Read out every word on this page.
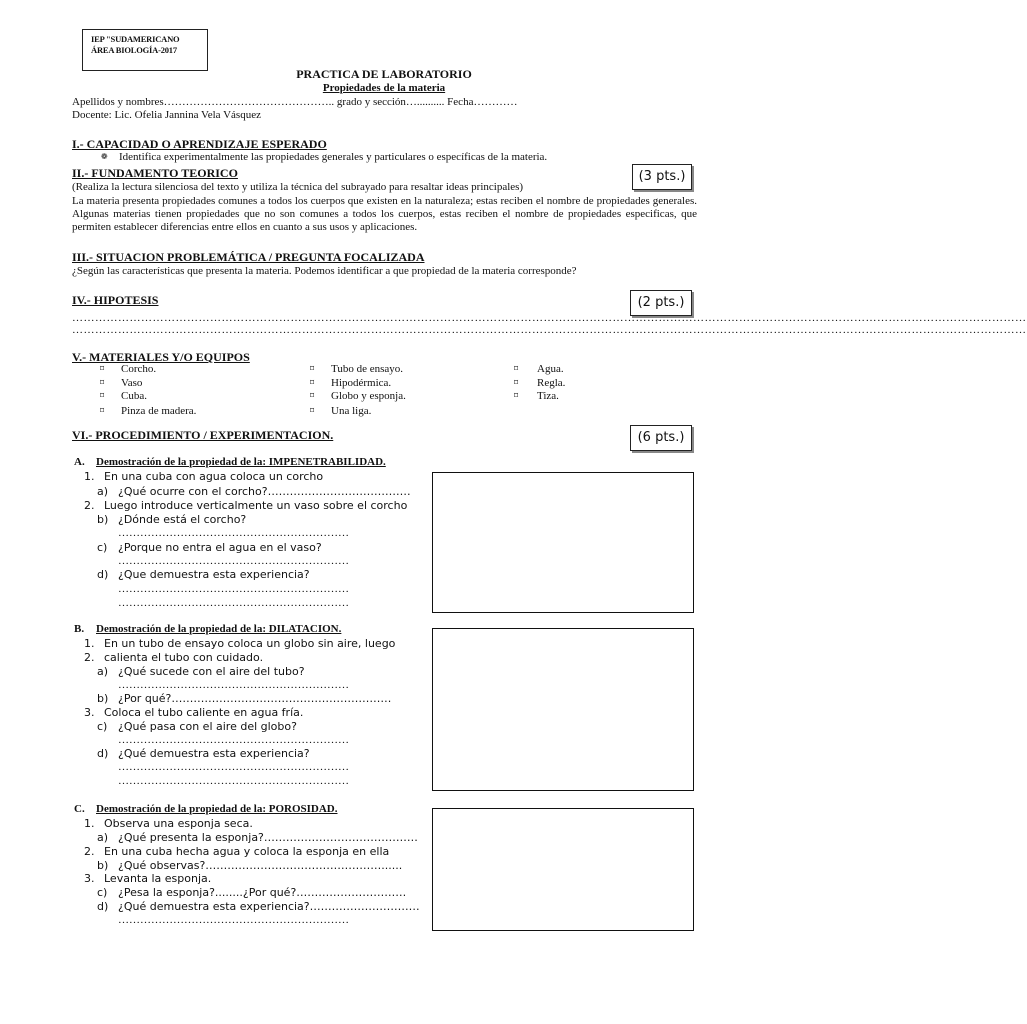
IEP "SUDAMERICANO
ÁREA BIOLOGÍA-2017
PRACTICA DE LABORATORIO
Propiedades de la materia
Apellidos y nombres……………………………………….. grado y sección….......... Fecha…………
Docente: Lic. Ofelia Jannina Vela Vásquez
I.- CAPACIDAD O APRENDIZAJE ESPERADO
❁ Identifica experimentalmente las propiedades generales y particulares o específicas de la materia.
II.- FUNDAMENTO TEORICO	(3 pts.)
(Realiza la lectura silenciosa del texto y utiliza la técnica del subrayado para resaltar ideas principales)
La materia presenta propiedades comunes a todos los cuerpos que existen en la naturaleza; estas reciben el nombre de propiedades generales. Algunas materias tienen propiedades que no son comunes a todos los cuerpos, estas reciben el nombre de propiedades especificas, que permiten establecer diferencias entre ellos en cuanto a sus usos y aplicaciones.
III.- SITUACION PROBLEMÁTICA / PREGUNTA FOCALIZADA
¿Según las características que presenta la materia. Podemos identificar a que propiedad de la materia corresponde?
IV.- HIPOTESIS	(2 pts.)
……………………………………………………………………………………………………………………………………………………………………………………………………………………………
……………………………………………………………………………………………………………………………………………………………………………………………………………………………
V.- MATERIALES Y/O EQUIPOS
⌑ Corcho.
⌑ Vaso
⌑ Cuba.
⌑ Pinza de madera.
⌑ Tubo de ensayo.
⌑ Hipodérmica.
⌑ Globo y esponja.
⌑ Una liga.
⌑ Agua.
⌑ Regla.
⌑ Tiza.
VI.- PROCEDIMIENTO / EXPERIMENTACION.	(6 pts.)
A. Demostración de la propiedad de la: IMPENETRABILIDAD.
1. En una cuba con agua coloca un corcho
a) ¿Qué ocurre con el corcho?…………………………………
2. Luego introduce verticalmente un vaso sobre el corcho
b) ¿Dónde está el corcho?
………………………………………………………
c) ¿Porque no entra el agua en el vaso?
………………………………………………………
d) ¿Que demuestra esta experiencia?
………………………………………………………
………………………………………………………
B. Demostración de la propiedad de la: DILATACION.
1. En un tubo de ensayo coloca un globo sin aire, luego
2. calienta el tubo con cuidado.
a) ¿Qué sucede con el aire del tubo?
………………………………………………………
b) ¿Por qué?……………………………………………………
3. Coloca el tubo caliente en agua fría.
c) ¿Qué pasa con el aire del globo?
………………………………………………………
d) ¿Qué demuestra esta experiencia?
………………………………………………………
………………………………………………………
C. Demostración de la propiedad de la: POROSIDAD.
1. Observa una esponja seca.
a) ¿Qué presenta la esponja?……………………………………
2. En una cuba hecha agua y coloca la esponja en ella
b) ¿Qué observas?…………………………………………......
3. Levanta la esponja.
c) ¿Pesa la esponja?........¿Por qué?…………………………
d) ¿Qué demuestra esta experiencia?…………………………
………………………………………………………
